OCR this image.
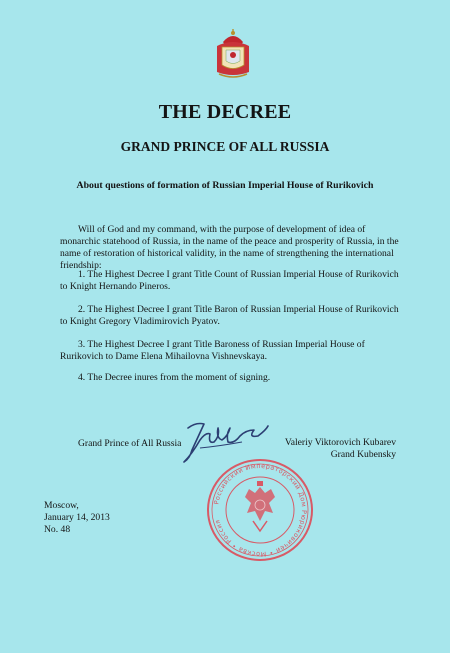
THE DECREE
GRAND PRINCE OF ALL RUSSIA
About questions of formation of Russian Imperial House of Rurikovich

Will of God and my command, with the purpose of development of idea of monarchic statehood of Russia, in the name of the peace and prosperity of Russia, in the name of restoration of historical validity, in the name of strengthening the international friendship:

1. The Highest Decree I grant Title Count of Russian Imperial House of Rurikovich to Knight Hernando Pineros.

2. The Highest Decree I grant Title Baron of Russian Imperial House of Rurikovich to Knight Gregory Vladimirovich Pyatov.

3. The Highest Decree I grant Title Baroness of Russian Imperial House of Rurikovich to Dame Elena Mihailovna Vishnevskaya.

4. The Decree inures from the moment of signing.

Grand Prince of All Russia	Valeriy Viktorovich Kubarev
Grand Kubensky
Российский Императорский Дом Рюриковичей • Москва • Россия
Moscow,
January 14, 2013
No. 48
